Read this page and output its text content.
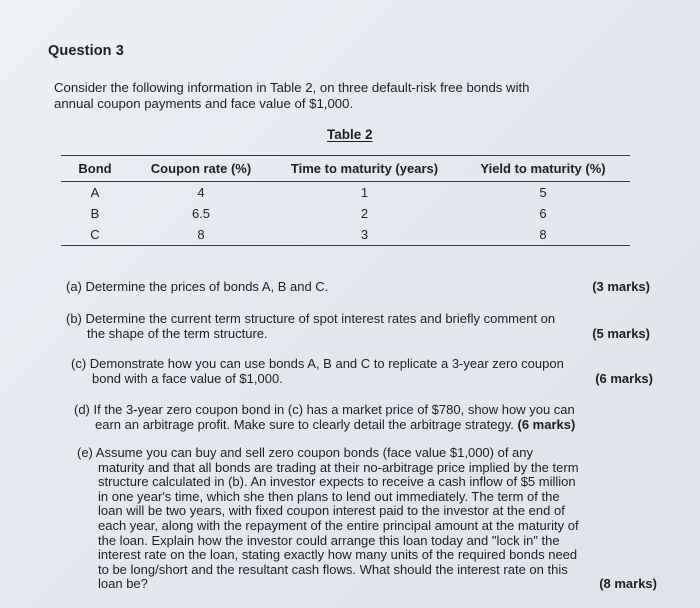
Question 3
Consider the following information in Table 2, on three default-risk free bonds with
annual coupon payments and face value of $1,000.
Table 2
Bond	Coupon rate (%)	Time to maturity (years)	Yield to maturity (%)
A	4	1	5
B	6.5	2	6
C	8	3	8

(a) Determine the prices of bonds A, B and C.	(3 marks)

(b) Determine the current term structure of spot interest rates and briefly comment on

the shape of the term structure.	(5 marks)

(c) Demonstrate how you can use bonds A, B and C to replicate a 3-year zero coupon

bond with a face value of $1,000.	(6 marks)

(d) If the 3-year zero coupon bond in (c) has a market price of $780, show how you can

earn an arbitrage profit. Make sure to clearly detail the arbitrage strategy. (6 marks)

(e) Assume you can buy and sell zero coupon bonds (face value $1,000) of any

maturity and that all bonds are trading at their no-arbitrage price implied by the term

structure calculated in (b). An investor expects to receive a cash inflow of $5 million

in one year's time, which she then plans to lend out immediately. The term of the

loan will be two years, with fixed coupon interest paid to the investor at the end of

each year, along with the repayment of the entire principal amount at the maturity of

the loan. Explain how the investor could arrange this loan today and "lock in" the

interest rate on the loan, stating exactly how many units of the required bonds need

to be long/short and the resultant cash flows. What should the interest rate on this

loan be?	(8 marks)
